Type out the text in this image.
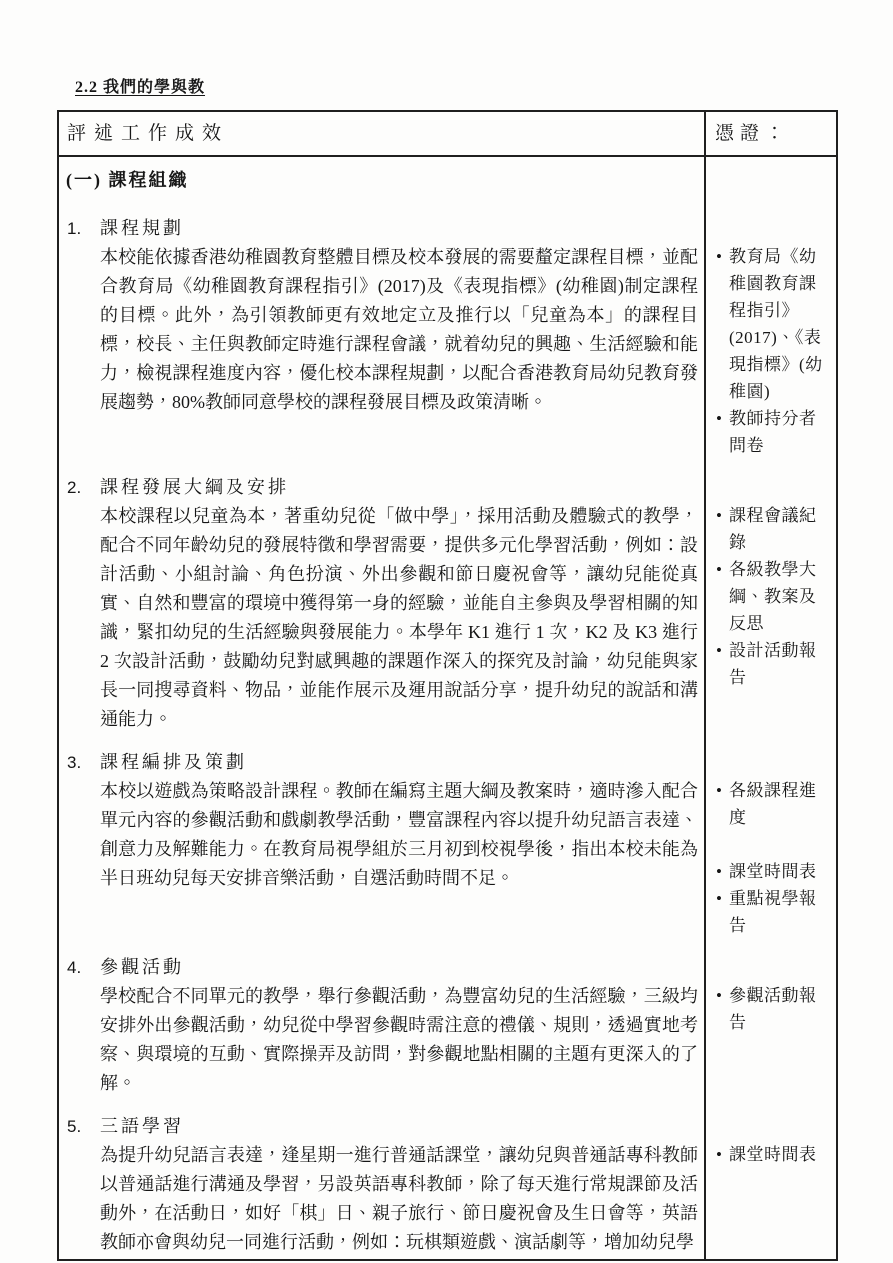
2.2 我們的學與教
評述工作成效	憑證：
(一) 課程組織
1.	課程規劃

本校能依據香港幼稚園教育整體目標及校本發展的需要釐定課程目標，並配合教育局《幼稚園教育課程指引》(2017)及《表現指標》(幼稚園)制定課程的目標。此外，為引領教師更有效地定立及推行以「兒童為本」的課程目標，校長、主任與教師定時進行課程會議，就着幼兒的興趣、生活經驗和能力，檢視課程進度內容，優化校本課程規劃，以配合香港教育局幼兒教育發展趨勢，80%教師同意學校的課程發展目標及政策清晰。

• 教育局《幼稚園教育課程指引》(2017)、《表現指標》(幼稚園)
• 教師持分者問卷
2.	課程發展大綱及安排

本校課程以兒童為本，著重幼兒從「做中學」，採用活動及體驗式的教學，配合不同年齡幼兒的發展特徵和學習需要，提供多元化學習活動，例如：設計活動、小組討論、角色扮演、外出參觀和節日慶祝會等，讓幼兒能從真實、自然和豐富的環境中獲得第一身的經驗，並能自主參與及學習相關的知識，緊扣幼兒的生活經驗與發展能力。本學年 K1 進行 1 次，K2 及 K3 進行 2 次設計活動，鼓勵幼兒對感興趣的課題作深入的探究及討論，幼兒能與家長一同搜尋資料、物品，並能作展示及運用說話分享，提升幼兒的說話和溝通能力。

• 課程會議紀錄
• 各級教學大綱、教案及反思
• 設計活動報告
3.	課程編排及策劃

本校以遊戲為策略設計課程。教師在編寫主題大綱及教案時，適時滲入配合單元內容的參觀活動和戲劇教學活動，豐富課程內容以提升幼兒語言表達、創意力及解難能力。在教育局視學組於三月初到校視學後，指出本校未能為半日班幼兒每天安排音樂活動，自選活動時間不足。

• 各級課程進度
• 課堂時間表
• 重點視學報告
4.	參觀活動

學校配合不同單元的教學，舉行參觀活動，為豐富幼兒的生活經驗，三級均安排外出參觀活動，幼兒從中學習參觀時需注意的禮儀、規則，透過實地考察、與環境的互動、實際操弄及訪問，對參觀地點相關的主題有更深入的了解。

• 參觀活動報告
5.	三語學習

為提升幼兒語言表達，逢星期一進行普通話課堂，讓幼兒與普通話專科教師以普通話進行溝通及學習，另設英語專科教師，除了每天進行常規課節及活動外，在活動日，如好「棋」日、親子旅行、節日慶祝會及生日會等，英語教師亦會與幼兒一同進行活動，例如：玩棋類遊戲、演話劇等，增加幼兒學

• 課堂時間表
